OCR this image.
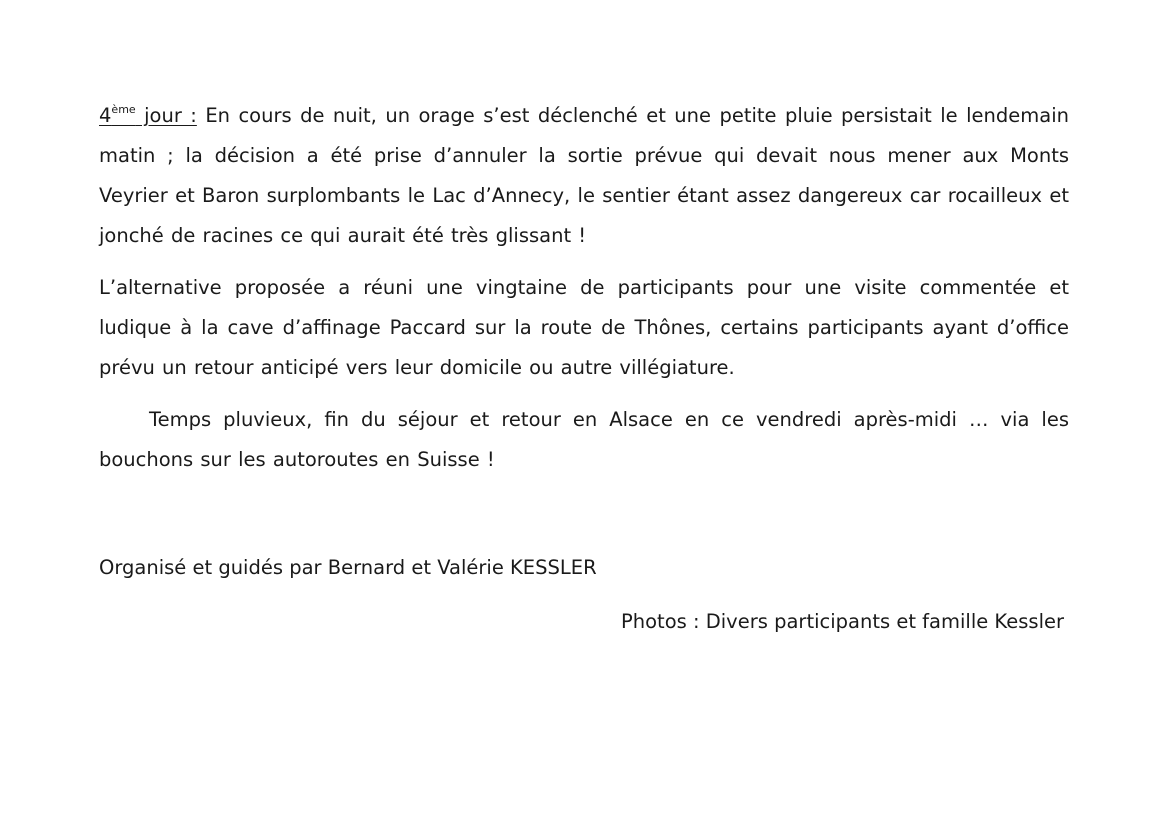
4ème jour : En cours de nuit, un orage s’est déclenché et une petite pluie persistait le lendemain matin ; la décision a été prise d’annuler la sortie prévue qui devait nous mener aux Monts Veyrier et Baron surplombants le Lac d’Annecy, le sentier étant assez dangereux car rocailleux et jonché de racines ce qui aurait été très glissant !

L’alternative proposée a réuni une vingtaine de participants pour une visite commentée et ludique à la cave d’affinage Paccard sur la route de Thônes, certains participants ayant d’office prévu un retour anticipé vers leur domicile ou autre villégiature.

Temps pluvieux, fin du séjour et retour en Alsace en ce vendredi après-midi … via les bouchons sur les autoroutes en Suisse !

Organisé et guidés par Bernard et Valérie KESSLER

Photos : Divers participants et famille Kessler
